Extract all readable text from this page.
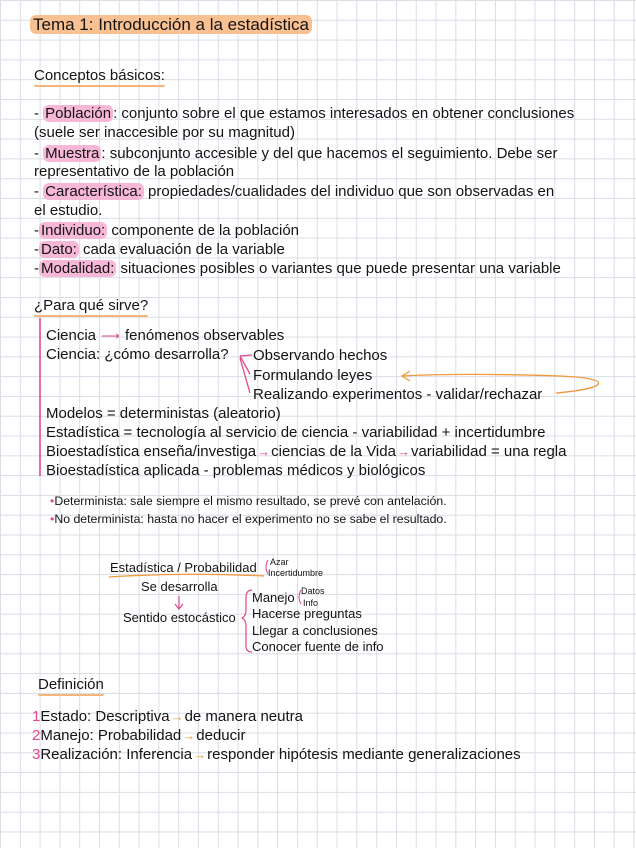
Tema 1: Introducción a la estadística
Conceptos básicos:
- Población : conjunto sobre el que estamos interesados en obtener conclusiones
(suele ser inaccesible por su magnitud)
- Muestra : subconjunto accesible y del que hacemos el seguimiento. Debe ser
representativo de la población
- Característica: propiedades/cualidades del individuo que son observadas en
el estudio.
- Individuo: componente de la población
- Dato: cada evaluación de la variable
- Modalidad: situaciones posibles o variantes que puede presentar una variable
¿Para qué sirve?
Ciencia ⟶ fenómenos observables
Ciencia: ¿cómo desarrolla? Observando hechos
Formulando leyes
Realizando experimentos - validar/rechazar
Modelos = deterministas (aleatorio)
Estadística = tecnología al servicio de ciencia - variabilidad + incertidumbre
Bioestadística enseña/investiga→ciencias de la Vida→variabilidad = una regla
Bioestadística aplicada - problemas médicos y biológicos
•Determinista: sale siempre el mismo resultado, se prevé con antelación.
•No determinista: hasta no hacer el experimento no se sabe el resultado.
Estadística / Probabilidad Azar
Incertidumbre
Se desarrolla
Sentido estocástico
Manejo Datos
Info
Hacerse preguntas
Llegar a conclusiones
Conocer fuente de info
Definición
1Estado: Descriptiva→de manera neutra
2Manejo: Probabilidad→deducir
3Realización: Inferencia→responder hipótesis mediante generalizaciones
